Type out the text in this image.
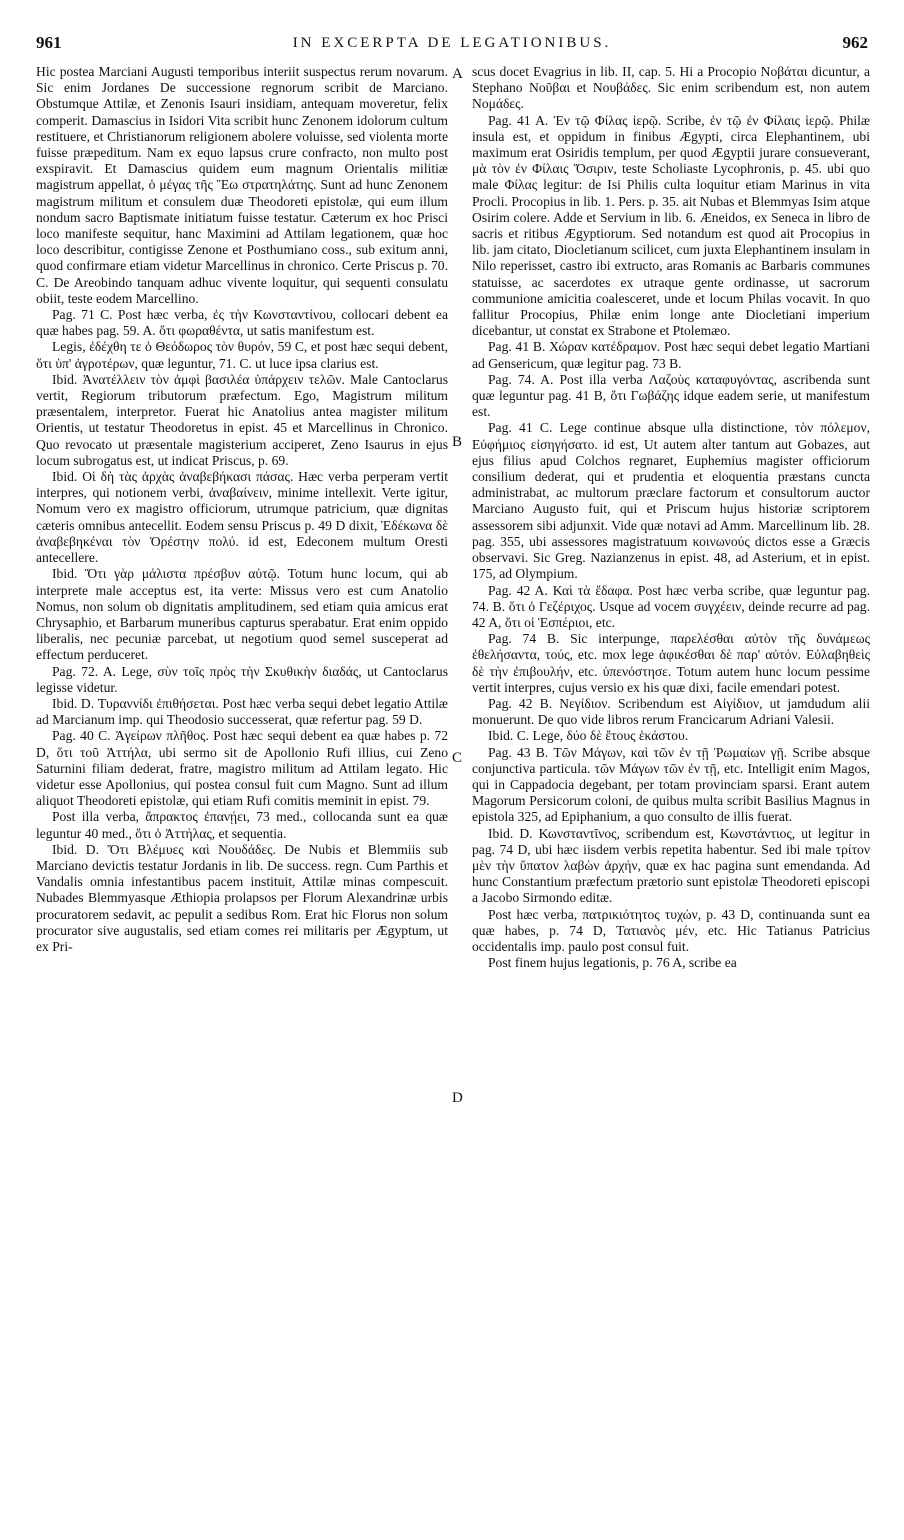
961	IN EXCERPTA DE LEGATIONIBUS.	962

Hic postea Marciani Augusti temporibus interiit suspectus rerum novarum. Sic enim Jordanes De successione regnorum scribit de Marciano. Obstumque Attilæ, et Zenonis Isauri insidiam, antequam moveretur, felix comperit. Damascius in Isidori Vita scribit hunc Zenonem idolorum cultum restituere, et Christianorum religionem abolere voluisse, sed violenta morte fuisse præpeditum. Nam ex equo lapsus crure confracto, non multo post exspiravit. Et Damascius quidem eum magnum Orientalis militiæ magistrum appellat, ὁ μέγας τῆς Ἕω στρατηλάτης. Sunt ad hunc Zenonem magistrum militum et consulem duæ Theodoreti epistolæ, qui eum illum nondum sacro Baptismate initiatum fuisse testatur. Cæterum ex hoc Prisci loco manifeste sequitur, hanc Maximini ad Attilam legationem, quæ hoc loco describitur, contigisse Zenone et Posthumiano coss., sub exitum anni, quod confirmare etiam videtur Marcellinus in chronico. Certe Priscus p. 70. C. De Areobindo tanquam adhuc vivente loquitur, qui sequenti consulatu obiit, teste eodem Marcellino.

Pag. 71 C. Post hæc verba, ἐς τὴν Κωνσταντίνου, collocari debent ea quæ habes pag. 59. A. ὅτι φωραθέντα, ut satis manifestum est.

Legis, ἐδέχθη τε ὁ Θεόδωρος τὸν θυρόν, 59 C, et post hæc sequi debent, ὅτι ὑπ' ἀγροτέρων, quæ leguntur, 71. C. ut luce ipsa clarius est.

Ibid. Ἀνατέλλειν τὸν ἀμφὶ βασιλέα ὑπάρχειν τελῶν. Male Cantoclarus vertit, Regiorum tributorum præfectum. Ego, Magistrum militum præsentalem, interpretor. Fuerat hic Anatolius antea magister militum Orientis, ut testatur Theodoretus in epist. 45 et Marcellinus in Chronico. Quo revocato ut præsentale magisterium acciperet, Zeno Isaurus in ejus locum subrogatus est, ut indicat Priscus, p. 69.

Ibid. Οἱ δὴ τὰς ἀρχὰς ἀναβεβήκασι πάσας. Hæc verba perperam vertit interpres, qui notionem verbi, ἀναβαίνειν, minime intellexit. Verte igitur, Nomum vero ex magistro officiorum, utrumque patricium, quæ dignitas cæteris omnibus antecellit. Eodem sensu Priscus p. 49 D dixit, Ἐδέκωνα δὲ ἀναβεβηκέναι τὸν Ὀρέστην πολύ. id est, Edeconem multum Oresti antecellere.

Ibid. Ὅτι γὰρ μάλιστα πρέσβυν αὐτῷ. Totum hunc locum, qui ab interprete male acceptus est, ita verte: Missus vero est cum Anatolio Nomus, non solum ob dignitatis amplitudinem, sed etiam quia amicus erat Chrysaphio, et Barbarum muneribus capturus sperabatur. Erat enim oppido liberalis, nec pecuniæ parcebat, ut negotium quod semel susceperat ad effectum perduceret.

Pag. 72. A. Lege, σὺν τοῖς πρὸς τὴν Σκυθικὴν διαδάς, ut Cantoclarus legisse videtur.

Ibid. D. Τυραννίδι ἐπιθήσεται. Post hæc verba sequi debet legatio Attilæ ad Marcianum imp. qui Theodosio successerat, quæ refertur pag. 59 D.

Pag. 40 C. Ἀγείρων πλῆθος. Post hæc sequi debent ea quæ habes p. 72 D, ὅτι τοῦ Ἀττήλα, ubi sermo sit de Apollonio Rufi illius, cui Zeno Saturnini filiam dederat, fratre, magistro militum ad Attilam legato. Hic videtur esse Apollonius, qui postea consul fuit cum Magno. Sunt ad illum aliquot Theodoreti epistolæ, qui etiam Rufi comitis meminit in epist. 79.

Post illa verba, ἄπρακτος ἐπανῄει, 73 med., collocanda sunt ea quæ leguntur 40 med., ὅτι ὁ Ἀττήλας, et sequentia.

Ibid. D. Ὅτι Βλέμυες καὶ Νουδάδες. De Nubis et Blemmiis sub Marciano devictis testatur Jordanis in lib. De success. regn. Cum Parthis et Vandalis omnia infestantibus pacem instituit, Attilæ minas compescuit. Nubades Blemmyasque Æthiopia prolapsos per Florum Alexandrinæ urbis procuratorem sedavit, ac pepulit a sedibus Rom. Erat hic Florus non solum procurator sive augustalis, sed etiam comes rei militaris per Ægyptum, ut ex Pri-

A
B
C
D

scus docet Evagrius in lib. II, cap. 5. Hi a Procopio Νοβάται dicuntur, a Stephano Νοῦβαι et Νουβάδες. Sic enim scribendum est, non autem Νομάδες.

Pag. 41 A. Ἐν τῷ Φίλας ἱερῷ. Scribe, ἐν τῷ ἐν Φίλαις ἱερῷ. Philæ insula est, et oppidum in finibus Ægypti, circa Elephantinem, ubi maximum erat Osiridis templum, per quod Ægyptii jurare consueverant, μὰ τὸν ἐν Φίλαις Ὄσιριν, teste Scholiaste Lycophronis, p. 45. ubi quo male Φίλας legitur: de Isi Philis culta loquitur etiam Marinus in vita Procli. Procopius in lib. 1. Pers. p. 35. ait Nubas et Blemmyas Isim atque Osirim colere. Adde et Servium in lib. 6. Æneidos, ex Seneca in libro de sacris et ritibus Ægyptiorum. Sed notandum est quod ait Procopius in lib. jam citato, Diocletianum scilicet, cum juxta Elephantinem insulam in Nilo reperisset, castro ibi extructo, aras Romanis ac Barbaris communes statuisse, ac sacerdotes ex utraque gente ordinasse, ut sacrorum communione amicitia coalesceret, unde et locum Philas vocavit. In quo fallitur Procopius, Philæ enim longe ante Diocletiani imperium dicebantur, ut constat ex Strabone et Ptolemæo.

Pag. 41 B. Χώραν κατέδραμον. Post hæc sequi debet legatio Martiani ad Gensericum, quæ legitur pag. 73 B.

Pag. 74. A. Post illa verba Λαζοὺς καταφυγόντας, ascribenda sunt quæ leguntur pag. 41 B, ὅτι Γωβάζης idque eadem serie, ut manifestum est.

Pag. 41 C. Lege continue absque ulla distinctione, τὸν πόλεμον, Εὐφήμιος εἰσηγήσατο. id est, Ut autem alter tantum aut Gobazes, aut ejus filius apud Colchos regnaret, Euphemius magister officiorum consilium dederat, qui et prudentia et eloquentia præstans cuncta administrabat, ac multorum præclare factorum et consultorum auctor Marciano Augusto fuit, qui et Priscum hujus historiæ scriptorem assessorem sibi adjunxit. Vide quæ notavi ad Amm. Marcellinum lib. 28. pag. 355, ubi assessores magistratuum κοινωνούς dictos esse a Græcis observavi. Sic Greg. Nazianzenus in epist. 48, ad Asterium, et in epist. 175, ad Olympium.

Pag. 42 A. Καὶ τὰ ἔδαφα. Post hæc verba scribe, quæ leguntur pag. 74. B. ὅτι ὁ Γεζέριχος. Usque ad vocem συγχέειν, deinde recurre ad pag. 42 A, ὅτι οἱ Ἑσπέριοι, etc.

Pag. 74 B. Sic interpunge, παρελέσθαι αὐτὸν τῆς δυνάμεως ἐθελήσαντα, τούς, etc. mox lege ἀφικέσθαι δὲ παρ' αὐτόν. Εὐλαβηθεὶς δὲ τὴν ἐπιβουλήν, etc. ὑπενόστησε. Totum autem hunc locum pessime vertit interpres, cujus versio ex his quæ dixi, facile emendari potest.

Pag. 42 B. Νεγίδιον. Scribendum est Αἰγίδιον, ut jamdudum alii monuerunt. De quo vide libros rerum Francicarum Adriani Valesii.

Ibid. C. Lege, δύο δὲ ἔτους ἑκάστου.

Pag. 43 B. Τῶν Μάγων, καὶ τῶν ἐν τῇ Ῥωμαίων γῇ. Scribe absque conjunctiva particula. τῶν Μάγων τῶν ἐν τῇ, etc. Intelligit enim Magos, qui in Cappadocia degebant, per totam provinciam sparsi. Erant autem Magorum Persicorum coloni, de quibus multa scribit Basilius Magnus in epistola 325, ad Epiphanium, a quo consulto de illis fuerat.

Ibid. D. Κωνσταντῖνος, scribendum est, Κωνστάντιος, ut legitur in pag. 74 D, ubi hæc iisdem verbis repetita habentur. Sed ibi male τρίτον μὲν τὴν ὕπατον λαβὼν ἀρχήν, quæ ex hac pagina sunt emendanda. Ad hunc Constantium præfectum prætorio sunt epistolæ Theodoreti episcopi a Jacobo Sirmondo editæ.

Post hæc verba, πατρικιότητος τυχών, p. 43 D, continuanda sunt ea quæ habes, p. 74 D, Τατιανὸς μέν, etc. Hic Tatianus Patricius occidentalis imp. paulo post consul fuit.

Post finem hujus legationis, p. 76 A, scribe ea
